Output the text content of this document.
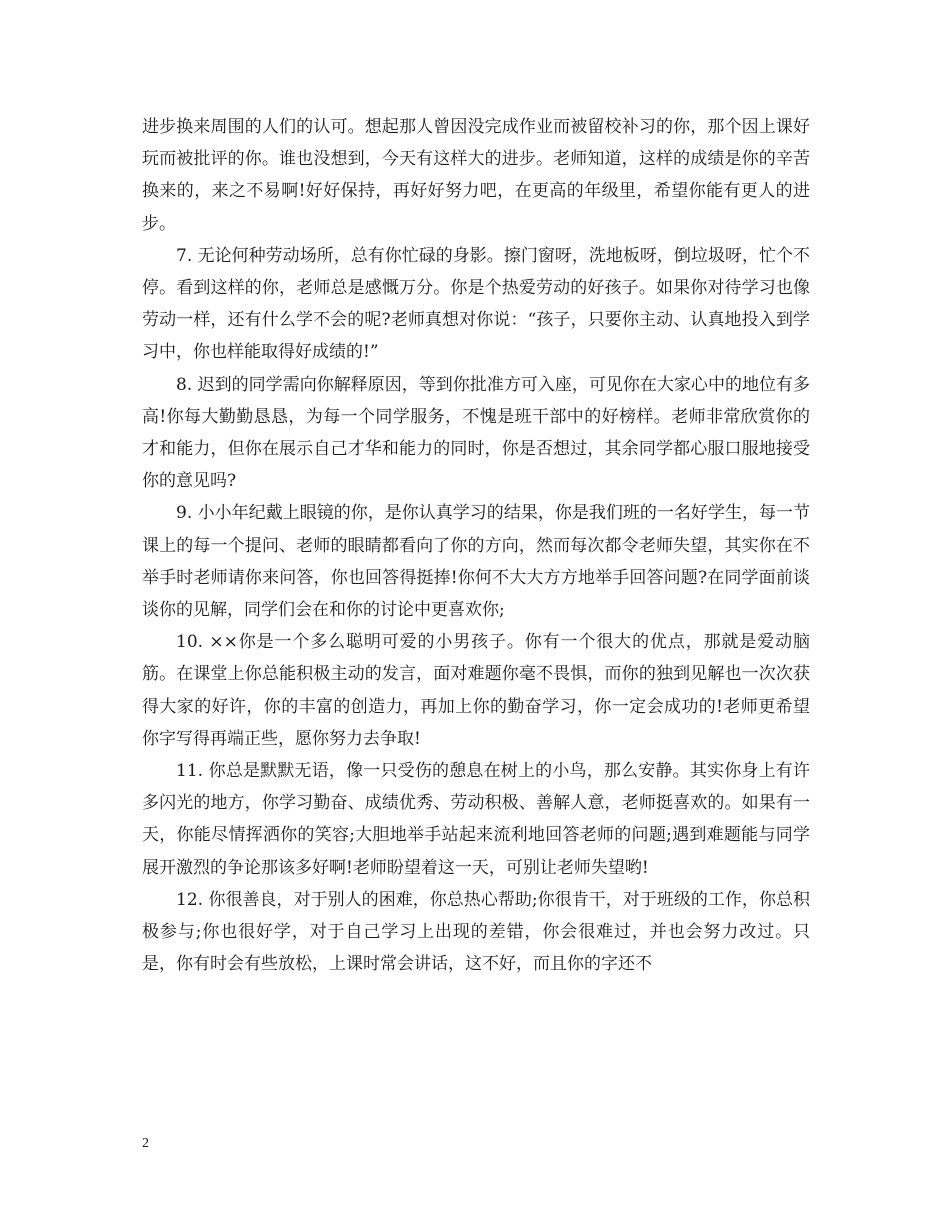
进步换来周围的人们的认可。想起那人曾因没完成作业而被留校补习的你，那个因上课好玩而被批评的你。谁也没想到，今天有这样大的进步。老师知道，这样的成绩是你的辛苦换来的，来之不易啊!好好保持，再好好努力吧，在更高的年级里，希望你能有更人的进步。

7. 无论何种劳动场所，总有你忙碌的身影。擦门窗呀，洗地板呀，倒垃圾呀，忙个不停。看到这样的你，老师总是感慨万分。你是个热爱劳动的好孩子。如果你对待学习也像劳动一样，还有什么学不会的呢?老师真想对你说：“孩子，只要你主动、认真地投入到学习中，你也样能取得好成绩的!”

8. 迟到的同学需向你解释原因，等到你批准方可入座，可见你在大家心中的地位有多高!你每大勤勤恳恳，为每一个同学服务，不愧是班干部中的好榜样。老师非常欣赏你的才和能力，但你在展示自己才华和能力的同时，你是否想过，其余同学都心服口服地接受你的意见吗?

9. 小小年纪戴上眼镜的你，是你认真学习的结果，你是我们班的一名好学生，每一节课上的每一个提问、老师的眼睛都看向了你的方向，然而每次都令老师失望，其实你在不举手时老师请你来问答，你也回答得挺捧!你何不大大方方地举手回答问题?在同学面前谈谈你的见解，同学们会在和你的讨论中更喜欢你;

10. ××你是一个多么聪明可爱的小男孩子。你有一个很大的优点，那就是爱动脑筋。在课堂上你总能积极主动的发言，面对难题你毫不畏惧，而你的独到见解也一次次获得大家的好许，你的丰富的创造力，再加上你的勤奋学习，你一定会成功的!老师更希望你字写得再端正些，愿你努力去争取!

11. 你总是默默无语，像一只受伤的憩息在树上的小鸟，那么安静。其实你身上有许多闪光的地方，你学习勤奋、成绩优秀、劳动积极、善解人意，老师挺喜欢的。如果有一天，你能尽情挥洒你的笑容;大胆地举手站起来流利地回答老师的问题;遇到难题能与同学展开激烈的争论那该多好啊!老师盼望着这一天，可别让老师失望哟!

12. 你很善良，对于别人的困难，你总热心帮助;你很肯干，对于班级的工作，你总积极参与;你也很好学，对于自己学习上出现的差错，你会很难过，并也会努力改过。只是，你有时会有些放松，上课时常会讲话，这不好，而且你的字还不

2
